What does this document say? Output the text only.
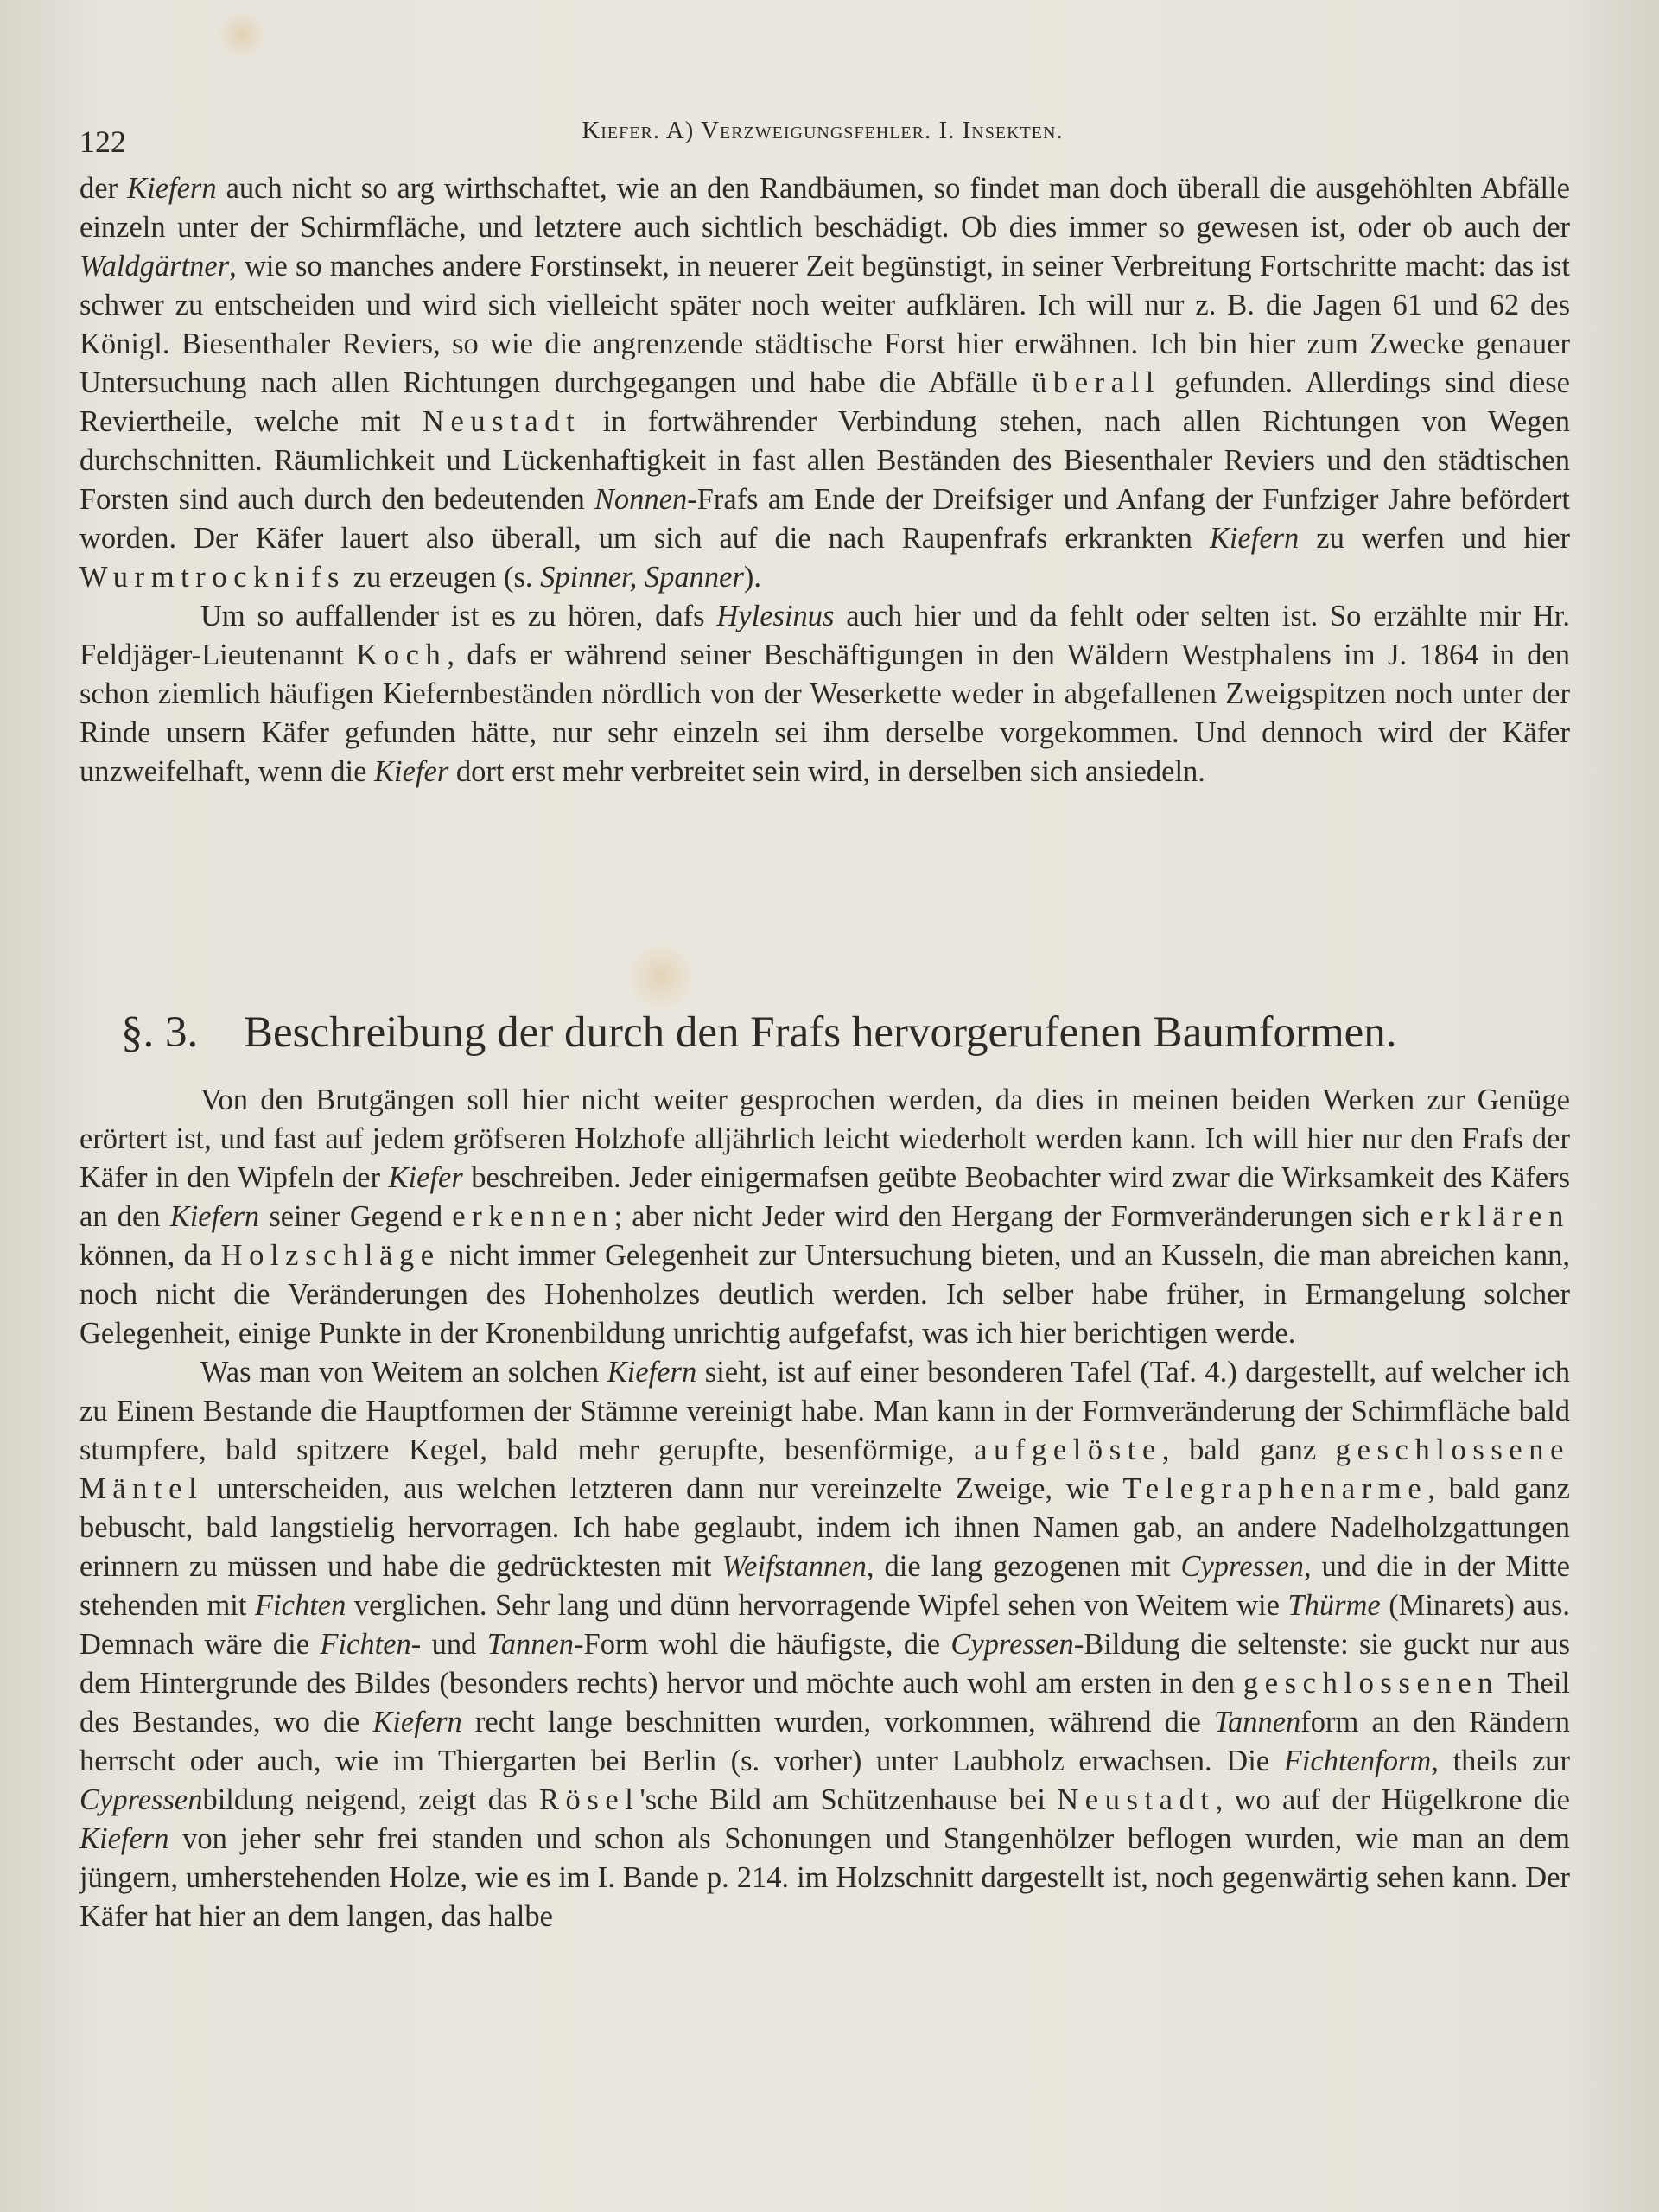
122	Kiefer. A) Verzweigungsfehler. I. Insekten.

der Kiefern auch nicht so arg wirthschaftet, wie an den Randbäumen, so findet man doch überall die ausgehöhlten Abfälle einzeln unter der Schirmfläche, und letztere auch sichtlich beschädigt. Ob dies immer so gewesen ist, oder ob auch der Waldgärtner, wie so manches andere Forstinsekt, in neuerer Zeit begünstigt, in seiner Verbreitung Fortschritte macht: das ist schwer zu entscheiden und wird sich vielleicht später noch weiter aufklären. Ich will nur z. B. die Jagen 61 und 62 des Königl. Biesenthaler Reviers, so wie die angrenzende städtische Forst hier erwähnen. Ich bin hier zum Zwecke genauer Untersuchung nach allen Richtungen durchgegangen und habe die Abfälle überall gefunden. Allerdings sind diese Reviertheile, welche mit Neustadt in fortwährender Verbindung stehen, nach allen Richtungen von Wegen durchschnitten. Räumlichkeit und Lückenhaftigkeit in fast allen Beständen des Biesenthaler Reviers und den städtischen Forsten sind auch durch den bedeutenden Nonnen-Frafs am Ende der Dreifsiger und Anfang der Funfziger Jahre befördert worden. Der Käfer lauert also überall, um sich auf die nach Raupenfrafs erkrankten Kiefern zu werfen und hier Wurmtrocknifs zu erzeugen (s. Spinner, Spanner).

Um so auffallender ist es zu hören, dafs Hylesinus auch hier und da fehlt oder selten ist. So erzählte mir Hr. Feldjäger-Lieutenannt Koch, dafs er während seiner Beschäftigungen in den Wäldern Westphalens im J. 1864 in den schon ziemlich häufigen Kiefernbeständen nördlich von der Weserkette weder in abgefallenen Zweigspitzen noch unter der Rinde unsern Käfer gefunden hätte, nur sehr einzeln sei ihm derselbe vorgekommen. Und dennoch wird der Käfer unzweifelhaft, wenn die Kiefer dort erst mehr verbreitet sein wird, in derselben sich ansiedeln.

§. 3. Beschreibung der durch den Frafs hervorgerufenen Baumformen.

Von den Brutgängen soll hier nicht weiter gesprochen werden, da dies in meinen beiden Werken zur Genüge erörtert ist, und fast auf jedem gröfseren Holzhofe alljährlich leicht wiederholt werden kann. Ich will hier nur den Frafs der Käfer in den Wipfeln der Kiefer beschreiben. Jeder einigermafsen geübte Beobachter wird zwar die Wirksamkeit des Käfers an den Kiefern seiner Gegend erkennen; aber nicht Jeder wird den Hergang der Formveränderungen sich erklären können, da Holzschläge nicht immer Gelegenheit zur Untersuchung bieten, und an Kusseln, die man abreichen kann, noch nicht die Veränderungen des Hohenholzes deutlich werden. Ich selber habe früher, in Ermangelung solcher Gelegenheit, einige Punkte in der Kronenbildung unrichtig aufgefafst, was ich hier berichtigen werde.

Was man von Weitem an solchen Kiefern sieht, ist auf einer besonderen Tafel (Taf. 4.) dargestellt, auf welcher ich zu Einem Bestande die Hauptformen der Stämme vereinigt habe. Man kann in der Formveränderung der Schirmfläche bald stumpfere, bald spitzere Kegel, bald mehr gerupfte, besenförmige, aufgelöste, bald ganz geschlossene Mäntel unterscheiden, aus welchen letzteren dann nur vereinzelte Zweige, wie Telegraphenarme, bald ganz bebuscht, bald langstielig hervorragen. Ich habe geglaubt, indem ich ihnen Namen gab, an andere Nadelholzgattungen erinnern zu müssen und habe die gedrücktesten mit Weifstannen, die lang gezogenen mit Cypressen, und die in der Mitte stehenden mit Fichten verglichen. Sehr lang und dünn hervorragende Wipfel sehen von Weitem wie Thürme (Minarets) aus. Demnach wäre die Fichten- und Tannen-Form wohl die häufigste, die Cypressen-Bildung die seltenste: sie guckt nur aus dem Hintergrunde des Bildes (besonders rechts) hervor und möchte auch wohl am ersten in den geschlossenen Theil des Bestandes, wo die Kiefern recht lange beschnitten wurden, vorkommen, während die Tannenform an den Rändern herrscht oder auch, wie im Thiergarten bei Berlin (s. vorher) unter Laubholz erwachsen. Die Fichtenform, theils zur Cypressenbildung neigend, zeigt das Rösel'sche Bild am Schützenhause bei Neustadt, wo auf der Hügelkrone die Kiefern von jeher sehr frei standen und schon als Schonungen und Stangenhölzer beflogen wurden, wie man an dem jüngern, umherstehenden Holze, wie es im I. Bande p. 214. im Holzschnitt dargestellt ist, noch gegenwärtig sehen kann. Der Käfer hat hier an dem langen, das halbe
